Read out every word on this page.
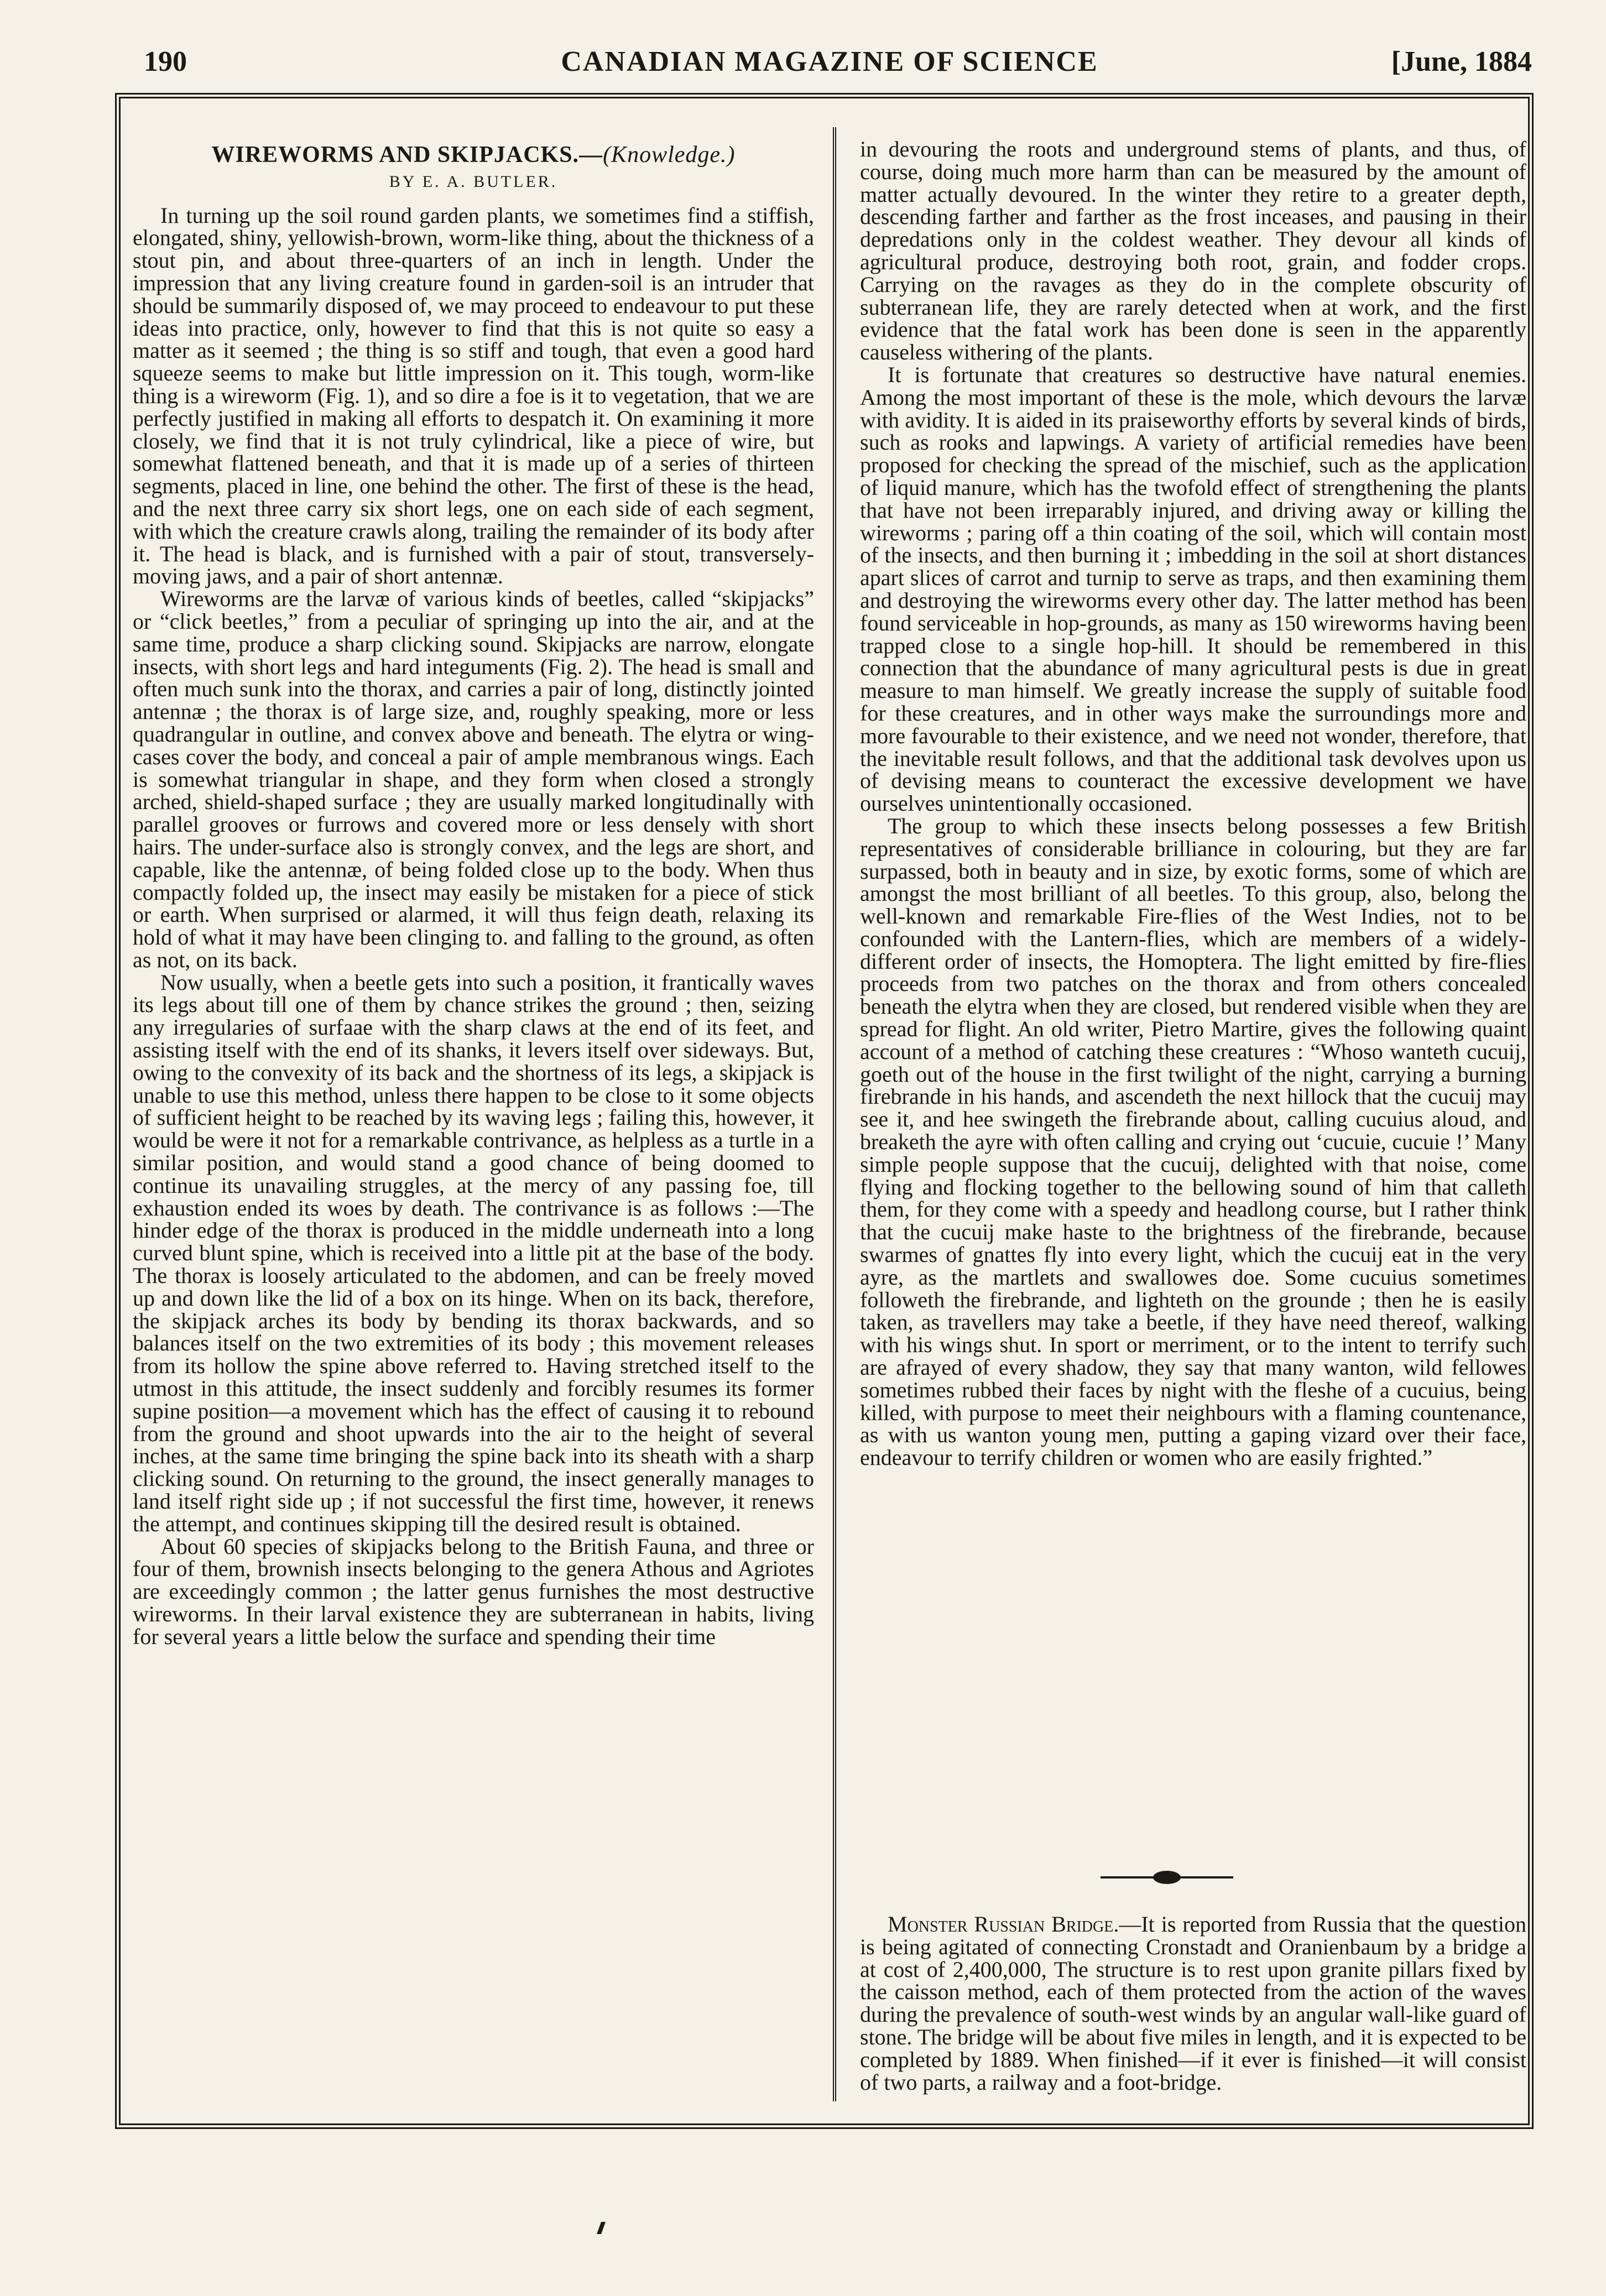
190	CANADIAN MAGAZINE OF SCIENCE	[June, 1884
WIREWORMS AND SKIPJACKS.—(Knowledge.)
BY E. A. BUTLER.

In turning up the soil round garden plants, we sometimes find a stiffish, elongated, shiny, yellowish-brown, worm-like thing, about the thickness of a stout pin, and about three-quarters of an inch in length. Under the impression that any living creature found in garden-soil is an intruder that should be summarily disposed of, we may proceed to endeavour to put these ideas into practice, only, however to find that this is not quite so easy a matter as it seemed ; the thing is so stiff and tough, that even a good hard squeeze seems to make but little impression on it. This tough, worm-like thing is a wireworm (Fig. 1), and so dire a foe is it to vegetation, that we are perfectly justified in making all efforts to despatch it. On examining it more closely, we find that it is not truly cylindrical, like a piece of wire, but somewhat flattened beneath, and that it is made up of a series of thirteen segments, placed in line, one behind the other. The first of these is the head, and the next three carry six short legs, one on each side of each segment, with which the creature crawls along, trailing the remainder of its body after it. The head is black, and is furnished with a pair of stout, transversely-moving jaws, and a pair of short antennæ.

Wireworms are the larvæ of various kinds of beetles, called “skipjacks” or “click beetles,” from a peculiar of springing up into the air, and at the same time, produce a sharp clicking sound. Skipjacks are narrow, elongate insects, with short legs and hard integuments (Fig. 2). The head is small and often much sunk into the thorax, and carries a pair of long, distinctly jointed antennæ ; the thorax is of large size, and, roughly speaking, more or less quadrangular in outline, and convex above and beneath. The elytra or wing-cases cover the body, and conceal a pair of ample membranous wings. Each is somewhat triangular in shape, and they form when closed a strongly arched, shield-shaped surface ; they are usually marked longitudinally with parallel grooves or furrows and covered more or less densely with short hairs. The under-surface also is strongly convex, and the legs are short, and capable, like the antennæ, of being folded close up to the body. When thus compactly folded up, the insect may easily be mistaken for a piece of stick or earth. When surprised or alarmed, it will thus feign death, relaxing its hold of what it may have been clinging to. and falling to the ground, as often as not, on its back.

Now usually, when a beetle gets into such a position, it frantically waves its legs about till one of them by chance strikes the ground ; then, seizing any irregularies of surfaae with the sharp claws at the end of its feet, and assisting itself with the end of its shanks, it levers itself over sideways. But, owing to the convexity of its back and the shortness of its legs, a skipjack is unable to use this method, unless there happen to be close to it some objects of sufficient height to be reached by its waving legs ; failing this, however, it would be were it not for a remarkable contrivance, as helpless as a turtle in a similar position, and would stand a good chance of being doomed to continue its unavailing struggles, at the mercy of any passing foe, till exhaustion ended its woes by death. The contrivance is as follows :—The hinder edge of the thorax is produced in the middle underneath into a long curved blunt spine, which is received into a little pit at the base of the body. The thorax is loosely articulated to the abdomen, and can be freely moved up and down like the lid of a box on its hinge. When on its back, therefore, the skipjack arches its body by bending its thorax backwards, and so balances itself on the two extremities of its body ; this movement releases from its hollow the spine above referred to. Having stretched itself to the utmost in this attitude, the insect suddenly and forcibly resumes its former supine position—a movement which has the effect of causing it to rebound from the ground and shoot upwards into the air to the height of several inches, at the same time bringing the spine back into its sheath with a sharp clicking sound. On returning to the ground, the insect generally manages to land itself right side up ; if not successful the first time, however, it renews the attempt, and continues skipping till the desired result is obtained.

About 60 species of skipjacks belong to the British Fauna, and three or four of them, brownish insects belonging to the genera Athous and Agriotes are exceedingly common ; the latter genus furnishes the most destructive wireworms. In their larval existence they are subterranean in habits, living for several years a little below the surface and spending their time

in devouring the roots and underground stems of plants, and thus, of course, doing much more harm than can be measured by the amount of matter actually devoured. In the winter they retire to a greater depth, descending farther and farther as the frost inceases, and pausing in their depredations only in the coldest weather. They devour all kinds of agricultural produce, destroying both root, grain, and fodder crops. Carrying on the ravages as they do in the complete obscurity of subterranean life, they are rarely detected when at work, and the first evidence that the fatal work has been done is seen in the apparently causeless withering of the plants.

It is fortunate that creatures so destructive have natural enemies. Among the most important of these is the mole, which devours the larvæ with avidity. It is aided in its praiseworthy efforts by several kinds of birds, such as rooks and lapwings. A variety of artificial remedies have been proposed for checking the spread of the mischief, such as the application of liquid manure, which has the twofold effect of strengthening the plants that have not been irreparably injured, and driving away or killing the wireworms ; paring off a thin coating of the soil, which will contain most of the insects, and then burning it ; imbedding in the soil at short distances apart slices of carrot and turnip to serve as traps, and then examining them and destroying the wireworms every other day. The latter method has been found serviceable in hop-grounds, as many as 150 wireworms having been trapped close to a single hop-hill. It should be remembered in this connection that the abundance of many agricultural pests is due in great measure to man himself. We greatly increase the supply of suitable food for these creatures, and in other ways make the surroundings more and more favourable to their existence, and we need not wonder, therefore, that the inevitable result follows, and that the additional task devolves upon us of devising means to counteract the excessive development we have ourselves unintentionally occasioned.

The group to which these insects belong possesses a few British representatives of considerable brilliance in colouring, but they are far surpassed, both in beauty and in size, by exotic forms, some of which are amongst the most brilliant of all beetles. To this group, also, belong the well-known and remarkable Fire-flies of the West Indies, not to be confounded with the Lantern-flies, which are members of a widely-different order of insects, the Homoptera. The light emitted by fire-flies proceeds from two patches on the thorax and from others concealed beneath the elytra when they are closed, but rendered visible when they are spread for flight. An old writer, Pietro Martire, gives the following quaint account of a method of catching these creatures : “Whoso wanteth cucuij, goeth out of the house in the first twilight of the night, carrying a burning firebrande in his hands, and ascendeth the next hillock that the cucuij may see it, and hee swingeth the firebrande about, calling cucuius aloud, and breaketh the ayre with often calling and crying out ‘cucuie, cucuie !’ Many simple people suppose that the cucuij, delighted with that noise, come flying and flocking together to the bellowing sound of him that calleth them, for they come with a speedy and headlong course, but I rather think that the cucuij make haste to the brightness of the firebrande, because swarmes of gnattes fly into every light, which the cucuij eat in the very ayre, as the martlets and swallowes doe. Some cucuius sometimes followeth the firebrande, and lighteth on the grounde ; then he is easily taken, as travellers may take a beetle, if they have need thereof, walking with his wings shut. In sport or merriment, or to the intent to terrify such are afrayed of every shadow, they say that many wanton, wild fellowes sometimes rubbed their faces by night with the fleshe of a cucuius, being killed, with purpose to meet their neighbours with a flaming countenance, as with us wanton young men, putting a gaping vizard over their face, endeavour to terrify children or women who are easily frighted.”

Monster Russian Bridge.—It is reported from Russia that the question is being agitated of connecting Cronstadt and Oranienbaum by a bridge a at cost of 2,400,000, The structure is to rest upon granite pillars fixed by the caisson method, each of them protected from the action of the waves during the prevalence of south-west winds by an angular wall-like guard of stone. The bridge will be about five miles in length, and it is expected to be completed by 1889. When finished—if it ever is finished—it will consist of two parts, a railway and a foot-bridge.
